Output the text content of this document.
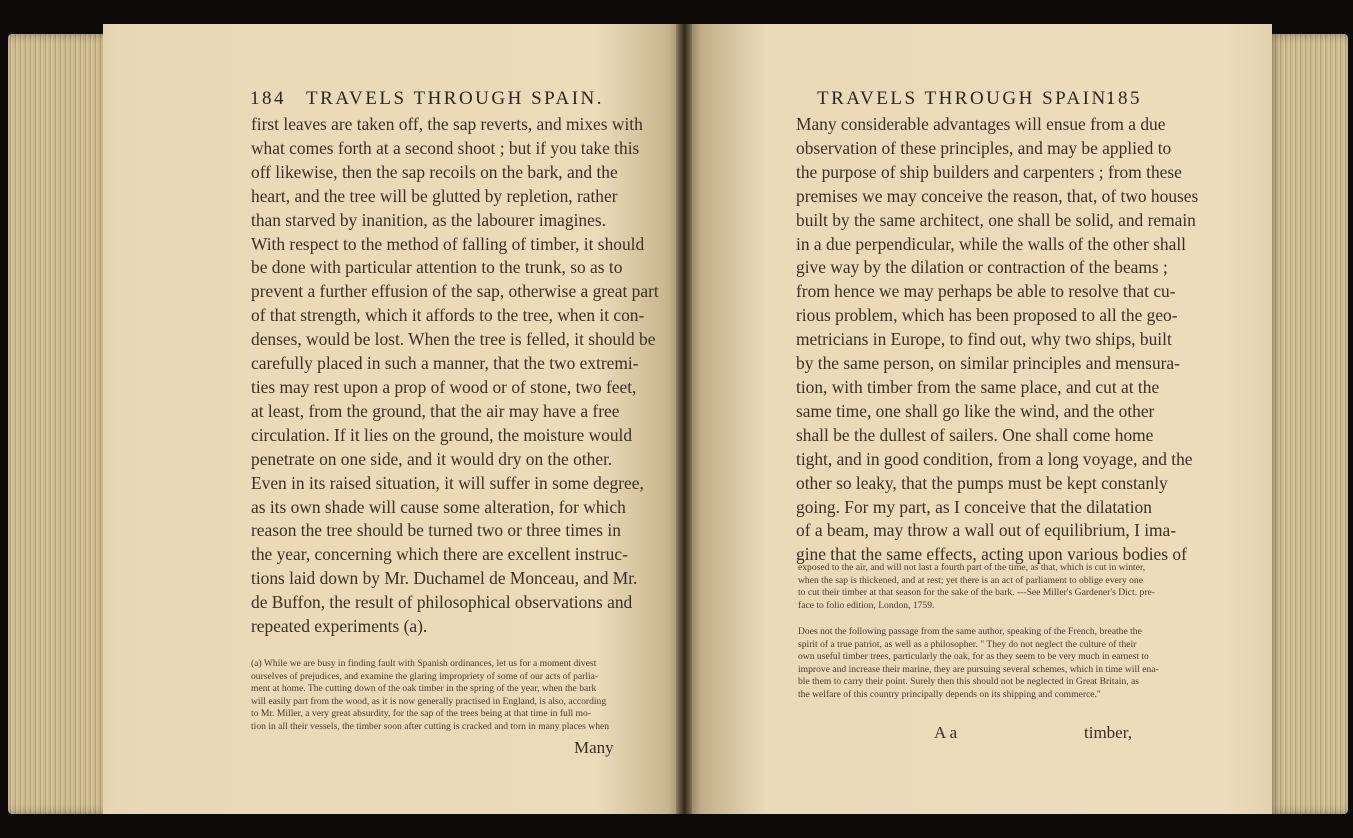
184 TRAVELS THROUGH SPAIN.

first leaves are taken off, the sap reverts, and mixes with

what comes forth at a second shoot ; but if you take this

off likewise, then the sap recoils on the bark, and the

heart, and the tree will be glutted by repletion, rather

than starved by inanition, as the labourer imagines.

With respect to the method of falling of timber, it should

be done with particular attention to the trunk, so as to

prevent a further effusion of the sap, otherwise a great part

of that strength, which it affords to the tree, when it con-

denses, would be lost. When the tree is felled, it should be

carefully placed in such a manner, that the two extremi-

ties may rest upon a prop of wood or of stone, two feet,

at least, from the ground, that the air may have a free

circulation. If it lies on the ground, the moisture would

penetrate on one side, and it would dry on the other.

Even in its raised situation, it will suffer in some degree,

as its own shade will cause some alteration, for which

reason the tree should be turned two or three times in

the year, concerning which there are excellent instruc-

tions laid down by Mr. Duchamel de Monceau, and Mr.

de Buffon, the result of philosophical observations and

repeated experiments (a).

(a) While we are busy in finding fault with Spanish ordinances, let us for a moment divest

ourselves of prejudices, and examine the glaring impropriety of some of our acts of parlia-

ment at home. The cutting down of the oak timber in the spring of the year, when the bark

will easily part from the wood, as it is now generally practised in England, is also, according

to Mr. Miller, a very great absurdity, for the sap of the trees being at that time in full mo-

tion in all their vessels, the timber soon after cutting is cracked and torn in many places when

Many
TRAVELS THROUGH SPAIN.
185

Many considerable advantages will ensue from a due

observation of these principles, and may be applied to

the purpose of ship builders and carpenters ; from these

premises we may conceive the reason, that, of two houses

built by the same architect, one shall be solid, and remain

in a due perpendicular, while the walls of the other shall

give way by the dilation or contraction of the beams ;

from hence we may perhaps be able to resolve that cu-

rious problem, which has been proposed to all the geo-

metricians in Europe, to find out, why two ships, built

by the same person, on similar principles and mensura-

tion, with timber from the same place, and cut at the

same time, one shall go like the wind, and the other

shall be the dullest of sailers. One shall come home

tight, and in good condition, from a long voyage, and the

other so leaky, that the pumps must be kept constanly

going. For my part, as I conceive that the dilatation

of a beam, may throw a wall out of equilibrium, I ima-

gine that the same effects, acting upon various bodies of

exposed to the air, and will not last a fourth part of the time, as that, which is cut in winter,

when the sap is thickened, and at rest; yet there is an act of parliament to oblige every one

to cut their timber at that season for the sake of the bark. ---See Miller's Gardener's Dict. pre-

face to folio edition, London, 1759.

Does not the following passage from the same author, speaking of the French, breathe the

spirit of a true patriot, as well as a philosopher. " They do not neglect the culture of their

own useful timber trees, particularly the oak, for as they seem to be very much in earnest to

improve and increase their marine, they are pursuing several schemes, which in time will ena-

ble them to carry their point. Surely then this should not be neglected in Great Britain, as

the welfare of this country principally depends on its shipping and commerce."

A a	timber,
